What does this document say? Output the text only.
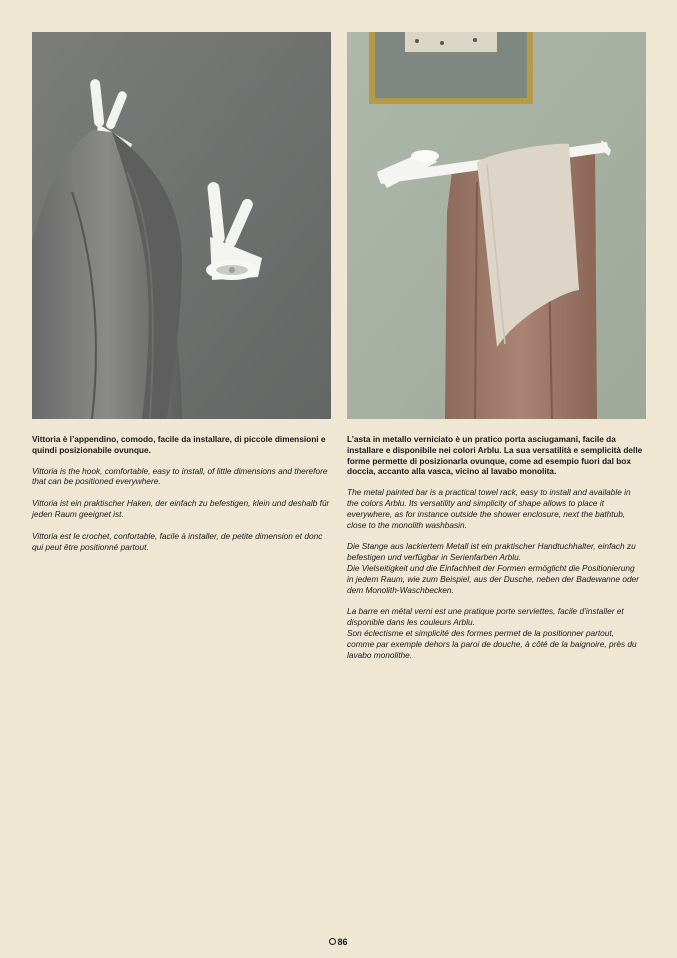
Vittoria è l’appendino, comodo, facile da installare, di piccole dimensioni e quindi posizionabile ovunque.

Vittoria is the hook, comfortable, easy to install, of little dimensions and therefore that can be positioned everywhere.

Vittoria ist ein praktischer Haken, der einfach zu befestigen, klein und deshalb für jeden Raum geeignet ist.

Vittoria est le crochet, confortable, facile à installer, de petite dimension et donc qui peut être positionné partout.

L’asta in metallo verniciato è un pratico porta asciugamani, facile da installare e disponibile nei colori Arblu. La sua versatilità e semplicità delle forme permette di posizionarla ovunque, come ad esempio fuori dal box doccia, accanto alla vasca, vicino al lavabo monolita.

The metal painted bar is a practical towel rack, easy to install and available in the colors Arblu. Its versatility and simplicity of shape allows to place it everywhere, as for instance outside the shower enclosure, next the bathtub, close to the monolith washbasin.

Die Stange aus lackiertem Metall ist ein praktischer Handtuchhalter, einfach zu befestigen und verfügbar in Serienfarben Arblu.
Die Vielseitigkeit und die Einfachheit der Formen ermöglicht die Positionierung in jedem Raum, wie zum Beispiel, aus der Dusche, neben der Badewanne oder dem Monolith-Waschbecken.

La barre en métal verni est une pratique porte serviettes, facile d’installer et disponible dans les couleurs Arblu.
Son éclectisme et simplicité des formes permet de la positionner partout, comme par exemple dehors la paroi de douche, à côté de la baignoire, près du lavabo monolithe.

86
